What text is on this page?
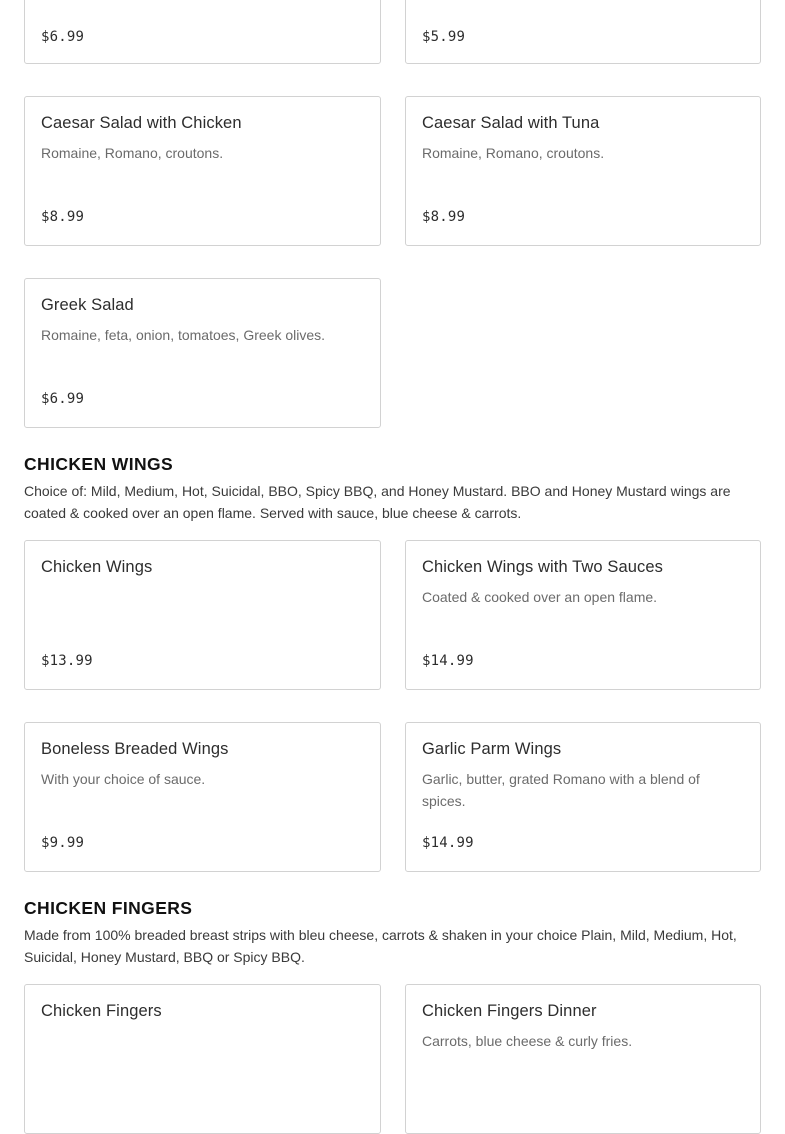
$6.99	$5.99
Caesar Salad with Chicken
Romaine, Romano, croutons.
$8.99
Caesar Salad with Tuna
Romaine, Romano, croutons.
$8.99
Greek Salad
Romaine, feta, onion, tomatoes, Greek olives.
$6.99
CHICKEN WINGS

Choice of: Mild, Medium, Hot, Suicidal, BBO, Spicy BBQ, and Honey Mustard. BBO and Honey Mustard wings are coated & cooked over an open flame. Served with sauce, blue cheese & carrots.

Chicken Wings
$13.99
Chicken Wings with Two Sauces
Coated & cooked over an open flame.
$14.99
Boneless Breaded Wings
With your choice of sauce.
$9.99
Garlic Parm Wings
Garlic, butter, grated Romano with a blend of spices.
$14.99
CHICKEN FINGERS

Made from 100% breaded breast strips with bleu cheese, carrots & shaken in your choice Plain, Mild, Medium, Hot, Suicidal, Honey Mustard, BBQ or Spicy BBQ.

Chicken Fingers	Chicken Fingers Dinner
Carrots, blue cheese & curly fries.
